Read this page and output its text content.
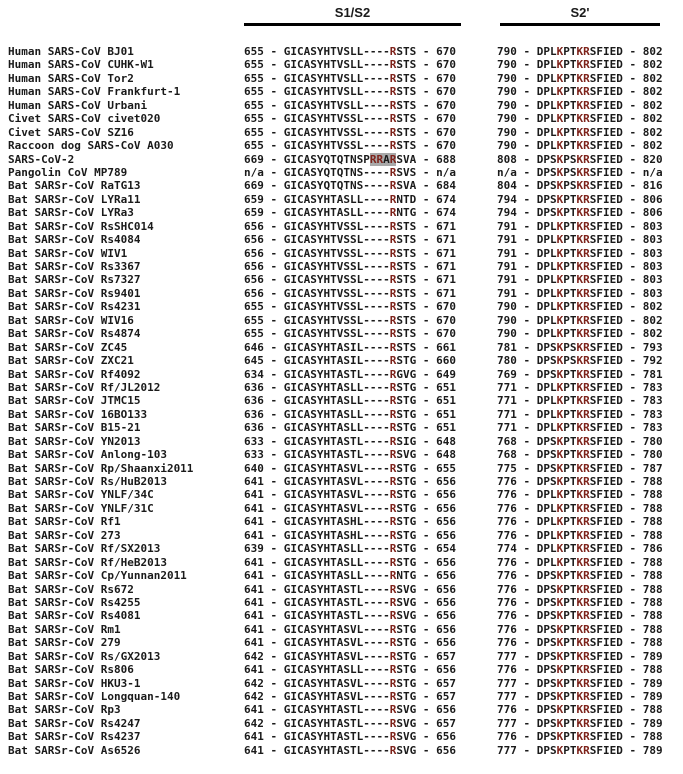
S1/S2	S2'
Human SARS-CoV BJ01	655 - GICASYHTVSLL----RSTS - 670	790 - DPLKPTKRSFIED - 802
Human SARS-CoV CUHK-W1	655 - GICASYHTVSLL----RSTS - 670	790 - DPLKPTKRSFIED - 802
Human SARS-CoV Tor2	655 - GICASYHTVSLL----RSTS - 670	790 - DPLKPTKRSFIED - 802
Human SARS-CoV Frankfurt-1	655 - GICASYHTVSLL----RSTS - 670	790 - DPLKPTKRSFIED - 802
Human SARS-CoV Urbani	655 - GICASYHTVSLL----RSTS - 670	790 - DPLKPTKRSFIED - 802
Civet SARS-CoV civet020	655 - GICASYHTVSSL----RSTS - 670	790 - DPLKPTKRSFIED - 802
Civet SARS-CoV SZ16	655 - GICASYHTVSSL----RSTS - 670	790 - DPLKPTKRSFIED - 802
Raccoon dog SARS-CoV A030	655 - GICASYHTVSSL----RSTS - 670	790 - DPLKPTKRSFIED - 802
SARS-CoV-2	669 - GICASYQTQTNSPRRARSVA - 688	808 - DPSKPSKRSFIED - 820
Pangolin CoV MP789	n/a - GICASYQTQTNS----RSVS - n/a	n/a - DPSKPSKRSFIED - n/a
Bat SARSr-CoV RaTG13	669 - GICASYQTQTNS----RSVA - 684	804 - DPSKPSKRSFIED - 816
Bat SARSr-CoV LYRa11	659 - GICASYHTASLL----RNTD - 674	794 - DPSKPTKRSFIED - 806
Bat SARSr-CoV LYRa3	659 - GICASYHTASLL----RNTG - 674	794 - DPSKPTKRSFIED - 806
Bat SARSr-CoV RsSHC014	656 - GICASYHTVSSL----RSTS - 671	791 - DPLKPTKRSFIED - 803
Bat SARSr-CoV Rs4084	656 - GICASYHTVSSL----RSTS - 671	791 - DPLKPTKRSFIED - 803
Bat SARSr-CoV WIV1	656 - GICASYHTVSSL----RSTS - 671	791 - DPLKPTKRSFIED - 803
Bat SARSr-CoV Rs3367	656 - GICASYHTVSSL----RSTS - 671	791 - DPLKPTKRSFIED - 803
Bat SARSr-CoV Rs7327	656 - GICASYHTVSSL----RSTS - 671	791 - DPLKPTKRSFIED - 803
Bat SARSr-CoV Rs9401	656 - GICASYHTVSSL----RSTS - 671	791 - DPLKPTKRSFIED - 803
Bat SARSr-CoV Rs4231	655 - GICASYHTVSSL----RSTS - 670	790 - DPLKPTKRSFIED - 802
Bat SARSr-CoV WIV16	655 - GICASYHTVSSL----RSTS - 670	790 - DPLKPTKRSFIED - 802
Bat SARSr-CoV Rs4874	655 - GICASYHTVSSL----RSTS - 670	790 - DPLKPTKRSFIED - 802
Bat SARSr-CoV ZC45	646 - GICASYHTASIL----RSTS - 661	781 - DPSKPSKRSFIED - 793
Bat SARSr-CoV ZXC21	645 - GICASYHTASIL----RSTG - 660	780 - DPSKPSKRSFIED - 792
Bat SARSr-CoV Rf4092	634 - GICASYHTASTL----RGVG - 649	769 - DPSKPTKRSFIED - 781
Bat SARSr-CoV Rf/JL2012	636 - GICASYHTASLL----RSTG - 651	771 - DPLKPTKRSFIED - 783
Bat SARSr-CoV JTMC15	636 - GICASYHTASLL----RSTG - 651	771 - DPLKPTKRSFIED - 783
Bat SARSr-CoV 16BO133	636 - GICASYHTASLL----RSTG - 651	771 - DPLKPTKRSFIED - 783
Bat SARSr-CoV B15-21	636 - GICASYHTASLL----RSTG - 651	771 - DPLKPTKRSFIED - 783
Bat SARSr-CoV YN2013	633 - GICASYHTASTL----RSIG - 648	768 - DPSKPTKRSFIED - 780
Bat SARSr-CoV Anlong-103	633 - GICASYHTASTL----RSVG - 648	768 - DPSKPTKRSFIED - 780
Bat SARSr-CoV Rp/Shaanxi2011	640 - GICASYHTASVL----RSTG - 655	775 - DPSKPTKRSFIED - 787
Bat SARSr-CoV Rs/HuB2013	641 - GICASYHTASVL----RSTG - 656	776 - DPSKPTKRSFIED - 788
Bat SARSr-CoV YNLF/34C	641 - GICASYHTASVL----RSTG - 656	776 - DPLKPTKRSFIED - 788
Bat SARSr-CoV YNLF/31C	641 - GICASYHTASVL----RSTG - 656	776 - DPLKPTKRSFIED - 788
Bat SARSr-CoV Rf1	641 - GICASYHTASHL----RSTG - 656	776 - DPLKPTKRSFIED - 788
Bat SARSr-CoV 273	641 - GICASYHTASHL----RSTG - 656	776 - DPLKPTKRSFIED - 788
Bat SARSr-CoV Rf/SX2013	639 - GICASYHTASLL----RSTG - 654	774 - DPLKPTKRSFIED - 786
Bat SARSr-CoV Rf/HeB2013	641 - GICASYHTASLL----RSTG - 656	776 - DPLKPTKRSFIED - 788
Bat SARSr-CoV Cp/Yunnan2011	641 - GICASYHTASLL----RNTG - 656	776 - DPSKPTKRSFIED - 788
Bat SARSr-CoV Rs672	641 - GICASYHTASTL----RSVG - 656	776 - DPSKPTKRSFIED - 788
Bat SARSr-CoV Rs4255	641 - GICASYHTASTL----RSVG - 656	776 - DPSKPTKRSFIED - 788
Bat SARSr-CoV Rs4081	641 - GICASYHTASTL----RSVG - 656	776 - DPSKPTKRSFIED - 788
Bat SARSr-CoV Rm1	641 - GICASYHTASVL----RSTG - 656	776 - DPSKPTKRSFIED - 788
Bat SARSr-CoV 279	641 - GICASYHTASVL----RSTG - 656	776 - DPSKPTKRSFIED - 788
Bat SARSr-CoV Rs/GX2013	642 - GICASYHTASVL----RSTG - 657	777 - DPSKPTKRSFIED - 789
Bat SARSr-CoV Rs806	641 - GICASYHTASLL----RSTG - 656	776 - DPSKPTKRSFIED - 788
Bat SARSr-CoV HKU3-1	642 - GICASYHTASVL----RSTG - 657	777 - DPSKPTKRSFIED - 789
Bat SARSr-CoV Longquan-140	642 - GICASYHTASVL----RSTG - 657	777 - DPSKPTKRSFIED - 789
Bat SARSr-CoV Rp3	641 - GICASYHTASTL----RSVG - 656	776 - DPSKPTKRSFIED - 788
Bat SARSr-CoV Rs4247	642 - GICASYHTASTL----RSVG - 657	777 - DPSKPTKRSFIED - 789
Bat SARSr-CoV Rs4237	641 - GICASYHTASTL----RSVG - 656	776 - DPSKPTKRSFIED - 788
Bat SARSr-CoV As6526	641 - GICASYHTASTL----RSVG - 656	777 - DPSKPTKRSFIED - 789
